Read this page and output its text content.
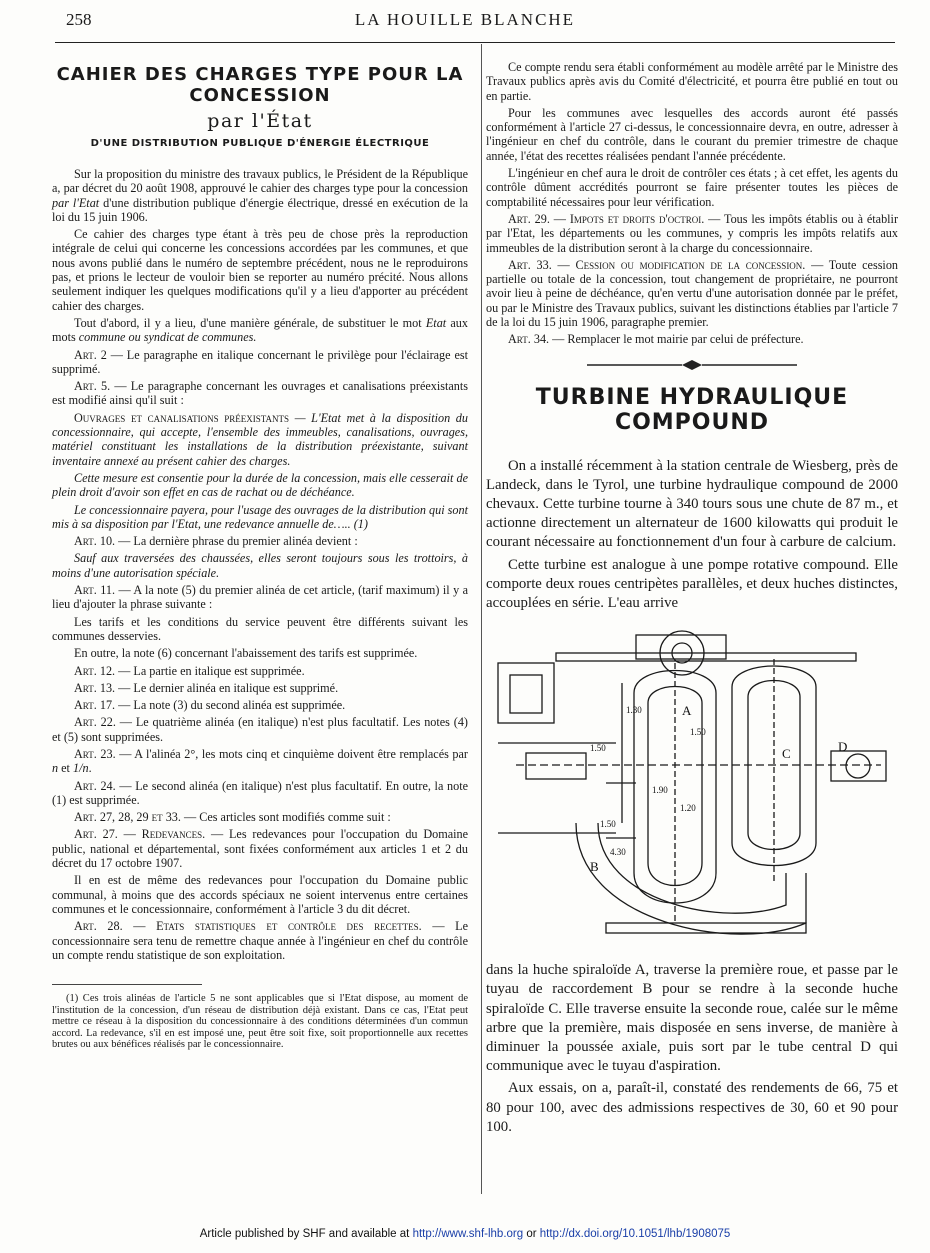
258	LA HOUILLE BLANCHE
CAHIER DES CHARGES TYPE POUR LA CONCESSION
par l'État
D'UNE DISTRIBUTION PUBLIQUE D'ÉNERGIE ÉLECTRIQUE

Sur la proposition du ministre des travaux publics, le Président de la République a, par décret du 20 août 1908, approuvé le cahier des charges type pour la concession par l'Etat d'une distribution publique d'énergie électrique, dressé en exécution de la loi du 15 juin 1906.

Ce cahier des charges type étant à très peu de chose près la reproduction intégrale de celui qui concerne les concessions accordées par les communes, et que nous avons publié dans le numéro de septembre précédent, nous ne le reproduirons pas, et prions le lecteur de vouloir bien se reporter au numéro précité. Nous allons seulement indiquer les quelques modifications qu'il y a lieu d'apporter au précédent cahier des charges.

Tout d'abord, il y a lieu, d'une manière générale, de substituer le mot Etat aux mots commune ou syndicat de communes.

Art. 2 — Le paragraphe en italique concernant le privilège pour l'éclairage est supprimé.

Art. 5. — Le paragraphe concernant les ouvrages et canalisations préexistants est modifié ainsi qu'il suit :

Ouvrages et canalisations préexistants — L'Etat met à la disposition du concessionnaire, qui accepte, l'ensemble des immeubles, canalisations, ouvrages, matériel constituant les installations de la distribution préexistante, suivant inventaire annexé au présent cahier des charges.

Cette mesure est consentie pour la durée de la concession, mais elle cesserait de plein droit d'avoir son effet en cas de rachat ou de déchéance.

Le concessionnaire payera, pour l'usage des ouvrages de la distribution qui sont mis à sa disposition par l'Etat, une redevance annuelle de….. (1)

Art. 10. — La dernière phrase du premier alinéa devient :

Sauf aux traversées des chaussées, elles seront toujours sous les trottoirs, à moins d'une autorisation spéciale.

Art. 11. — A la note (5) du premier alinéa de cet article, (tarif maximum) il y a lieu d'ajouter la phrase suivante :

Les tarifs et les conditions du service peuvent être différents suivant les communes desservies.

En outre, la note (6) concernant l'abaissement des tarifs est supprimée.

Art. 12. — La partie en italique est supprimée.

Art. 13. — Le dernier alinéa en italique est supprimé.

Art. 17. — La note (3) du second alinéa est supprimée.

Art. 22. — Le quatrième alinéa (en italique) n'est plus facultatif. Les notes (4) et (5) sont supprimées.

Art. 23. — A l'alinéa 2°, les mots cinq et cinquième doivent être remplacés par n et 1/n.

Art. 24. — Le second alinéa (en italique) n'est plus facultatif. En outre, la note (1) est supprimée.

Art. 27, 28, 29 et 33. — Ces articles sont modifiés comme suit :

Art. 27. — Redevances. — Les redevances pour l'occupation du Domaine public, national et départemental, sont fixées conformément aux articles 1 et 2 du décret du 17 octobre 1907.

Il en est de même des redevances pour l'occupation du Domaine public communal, à moins que des accords spéciaux ne soient intervenus entre certaines communes et le concessionnaire, conformément à l'article 3 du dit décret.

Art. 28. — Etats statistiques et contrôle des recettes. — Le concessionnaire sera tenu de remettre chaque année à l'ingénieur en chef du contrôle un compte rendu statistique de son exploitation.

(1) Ces trois alinéas de l'article 5 ne sont applicables que si l'Etat dispose, au moment de l'institution de la concession, d'un réseau de distribution déjà existant. Dans ce cas, l'Etat peut mettre ce réseau à la disposition du concessionnaire à des conditions déterminées d'un commun accord. La redevance, s'il en est imposé une, peut être soit fixe, soit proportionnelle aux recettes brutes ou aux bénéfices réalisés par le concessionnaire.

Ce compte rendu sera établi conformément au modèle arrêté par le Ministre des Travaux publics après avis du Comité d'électricité, et pourra être publié en tout ou en partie.

Pour les communes avec lesquelles des accords auront été passés conformément à l'article 27 ci-dessus, le concessionnaire devra, en outre, adresser à l'ingénieur en chef du contrôle, dans le courant du premier trimestre de chaque année, l'état des recettes réalisées pendant l'année précédente.

L'ingénieur en chef aura le droit de contrôler ces états ; à cet effet, les agents du contrôle dûment accrédités pourront se faire présenter toutes les pièces de comptabilité nécessaires pour leur vérification.

Art. 29. — Impots et droits d'octroi. — Tous les impôts établis ou à établir par l'Etat, les départements ou les communes, y compris les impôts relatifs aux immeubles de la distribution seront à la charge du concessionnaire.

Art. 33. — Cession ou modification de la concession. — Toute cession partielle ou totale de la concession, tout changement de propriétaire, ne pourront avoir lieu à peine de déchéance, qu'en vertu d'une autorisation donnée par le préfet, ou par le Ministre des Travaux publics, suivant les distinctions établies par l'article 7 de la loi du 15 juin 1906, paragraphe premier.

Art. 34. — Remplacer le mot mairie par celui de préfecture.

TURBINE HYDRAULIQUE COMPOUND

On a installé récemment à la station centrale de Wiesberg, près de Landeck, dans le Tyrol, une turbine hydraulique compound de 2000 chevaux. Cette turbine tourne à 340 tours sous une chute de 87 m., et actionne directement un alternateur de 1600 kilowatts qui produit le courant nécessaire au fonctionnement d'un four à carbure de calcium.

Cette turbine est analogue à une pompe rotative compound. Elle comporte deux roues centripètes parallèles, et deux huches distinctes, accouplées en série. L'eau arrive

A
B
C	D
1.30
1.50
1.50
1.20
1.50
4.30
1.90

dans la huche spiraloïde A, traverse la première roue, et passe par le tuyau de raccordement B pour se rendre à la seconde huche spiraloïde C. Elle traverse ensuite la seconde roue, calée sur le même arbre que la première, mais disposée en sens inverse, de manière à diminuer la poussée axiale, puis sort par le tube central D qui communique avec le tuyau d'aspiration.

Aux essais, on a, paraît-il, constaté des rendements de 66, 75 et 80 pour 100, avec des admissions respectives de 30, 60 et 90 pour 100.

Article published by SHF and available at http://www.shf-lhb.org or http://dx.doi.org/10.1051/lhb/1908075
